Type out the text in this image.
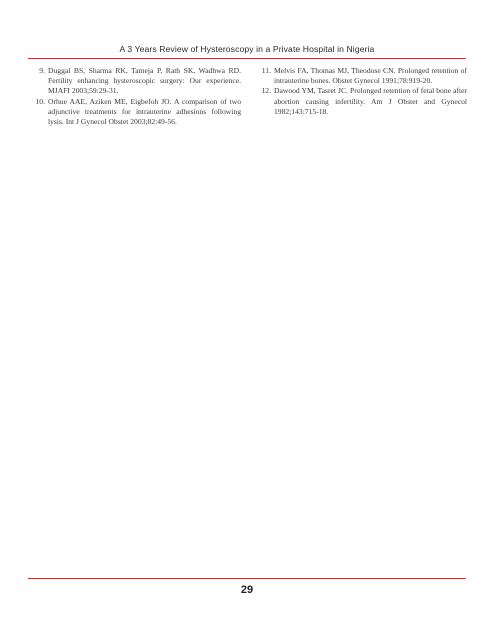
A 3 Years Review of Hysteroscopy in a Private Hospital in Nigeria
9. Duggal BS, Sharma RK, Tameja P, Rath SK, Wadhwa RD. Fertility enhancing hysteroscopic surgery: Our experience. MJAFI 2003;59:29-31.
10. Orhue AAE, Aziken ME, Eigbefoh JO. A comparison of two adjunctive treatments for intrauterine adhesions following lysis. Int J Gynecol Obstet 2003;82:49-56.
11. Melvis FA, Thomas MJ, Theodose CN. Prolonged retention of intrauterine bones. Obstet Gynecol 1991;78:919-20.
12. Dawood YM, Tasret JC. Prolonged retention of fetal bone after abortion causing infertility. Am J Obstet and Gynecol 1982;143:715-18.
29
